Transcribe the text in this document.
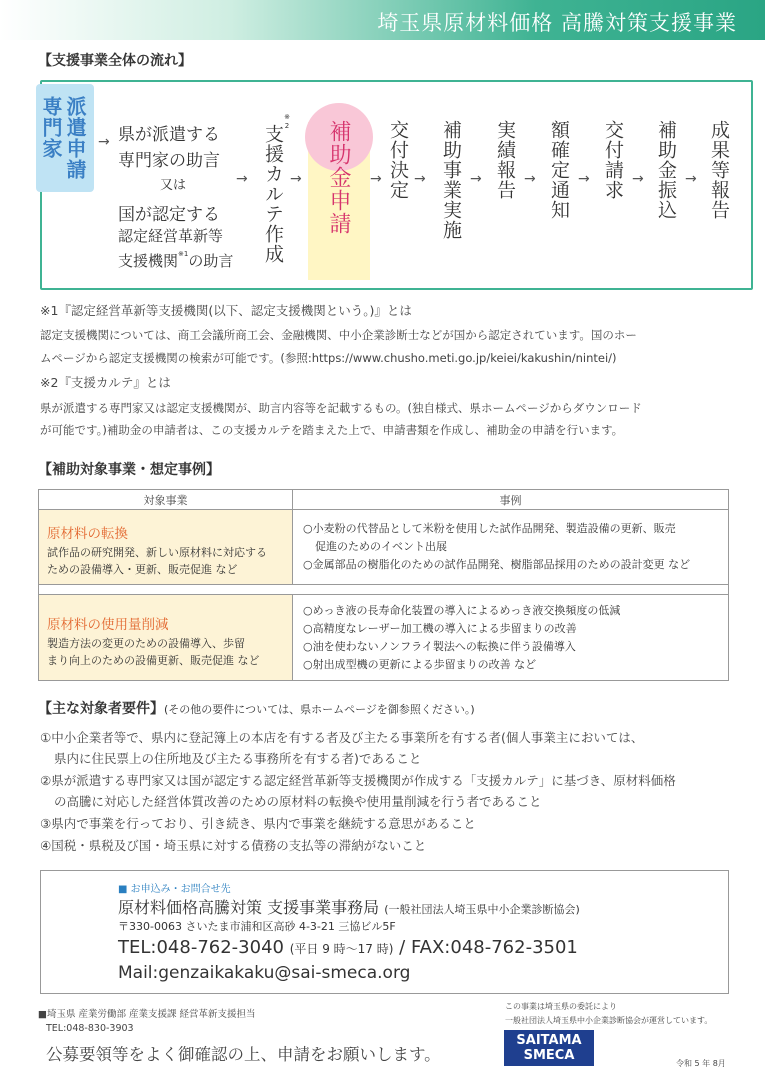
埼玉県原材料価格 高騰対策支援事業
【支援事業全体の流れ】
派遣申請
専門家	→ 県が派遣する
専門家の助言
又は
国が認定する
認定経営革新等
支援機関$^{※1}$の助言
→
※2
支援カルテ作成 → 補助金申請 → 交付決定 → 補助事業実施 → 実績報告 → 額確定通知 → 交付請求 → 補助金振込 → 成果等報告
※1『認定経営革新等支援機関(以下、認定支援機関という。)』とは
認定支援機関については、商工会議所商工会、金融機関、中小企業診断士などが国から認定されています。国のホー
ムページから認定支援機関の検索が可能です。(参照:https://www.chusho.meti.go.jp/keiei/kakushin/nintei/)
※2『支援カルテ』とは
県が派遣する専門家又は認定支援機関が、助言内容等を記載するもの。(独自様式、県ホームページからダウンロード
が可能です。)補助金の申請者は、この支援カルテを踏まえた上で、申請書類を作成し、補助金の申請を行います。
【補助対象事業・想定事例】
対象事業	事例

原材料の転換
試作品の研究開発、新しい原材料に対応する
ための設備導入・更新、販売促進 など	○小麦粉の代替品として米粉を使用した試作品開発、製造設備の更新、販売
促進のためのイベント出展
○金属部品の樹脂化のための試作品開発、樹脂部品採用のための設計変更 など

原材料の使用量削減
製造方法の変更のための設備導入、歩留
まり向上のための設備更新、販売促進 など	○めっき液の長寿命化装置の導入によるめっき液交換頻度の低減
○高精度なレーザー加工機の導入による歩留まりの改善
○油を使わないノンフライ製法への転換に伴う設備導入
○射出成型機の更新による歩留まりの改善 など
【主な対象者要件】(その他の要件については、県ホームページを御参照ください。)
①中小企業者等で、県内に登記簿上の本店を有する者及び主たる事業所を有する者(個人事業主においては、
県内に住民票上の住所地及び主たる事務所を有する者)であること
②県が派遣する専門家又は国が認定する認定経営革新等支援機関が作成する「支援カルテ」に基づき、原材料価格
の高騰に対応した経営体質改善のための原材料の転換や使用量削減を行う者であること
③県内で事業を行っており、引き続き、県内で事業を継続する意思があること
④国税・県税及び国・埼玉県に対する債務の支払等の滞納がないこと
■ お申込み・お問合せ先
原材料価格高騰対策 支援事業事務局 (一般社団法人埼玉県中小企業診断協会)
〒330-0063 さいたま市浦和区高砂 4-3-21 三協ビル5F
TEL:048-762-3040 (平日 9 時〜17 時) / FAX:048-762-3501
Mail:genzaikakaku@sai-smeca.org
■埼玉県 産業労働部 産業支援課 経営革新支援担当
TEL:048-830-3903
公募要領等をよく御確認の上、申請をお願いします。
この事業は埼玉県の委託により
一般社団法人埼玉県中小企業診断協会が運営しています。
SAITAMA
SMECA
令和 5 年 8月
